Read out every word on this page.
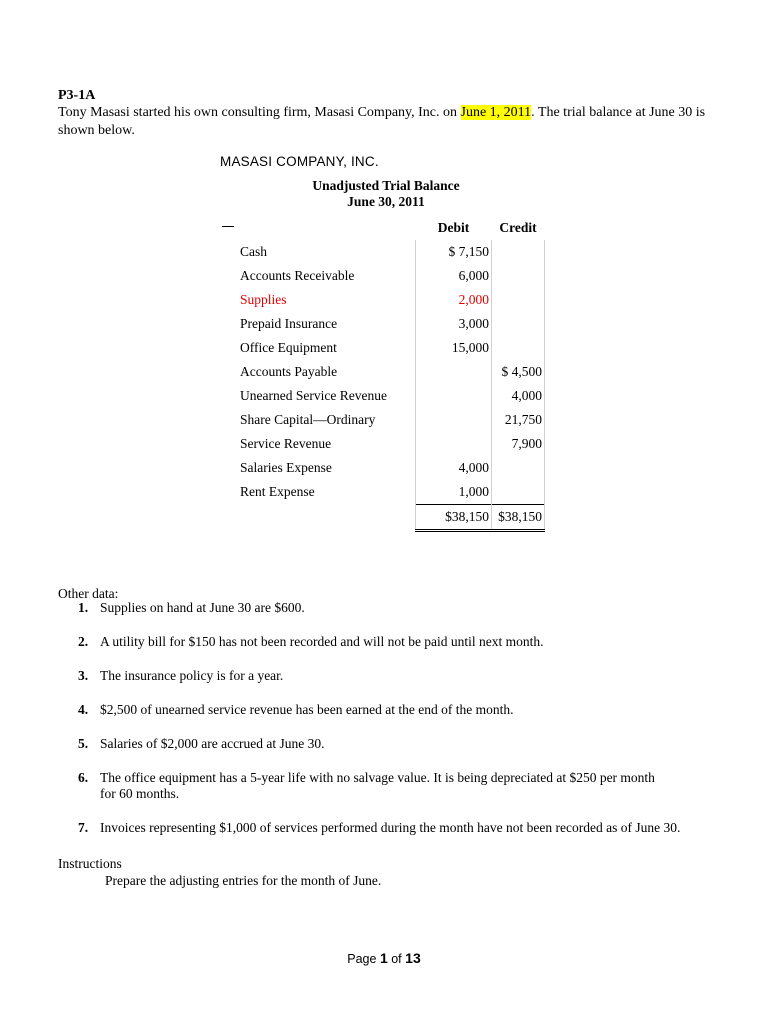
P3-1A
Tony Masasi started his own consulting firm, Masasi Company, Inc. on June 1, 2011. The trial balance at June 30 is shown below.
MASASI COMPANY, INC.
Unadjusted Trial Balance
June 30, 2011
	Debit	Credit
Cash	$ 7,150	
Accounts Receivable	6,000	
Supplies	2,000	
Prepaid Insurance	3,000	
Office Equipment	15,000	
Accounts Payable		$ 4,500
Unearned Service Revenue		4,000
Share Capital—Ordinary		21,750
Service Revenue		7,900
Salaries Expense	4,000	
Rent Expense	1,000	
	$38,150	$38,150
Other data:
1. Supplies on hand at June 30 are $600.
2. A utility bill for $150 has not been recorded and will not be paid until next month.
3. The insurance policy is for a year.
4. $2,500 of unearned service revenue has been earned at the end of the month.
5. Salaries of $2,000 are accrued at June 30.
6. The office equipment has a 5-year life with no salvage value. It is being depreciated at $250 per month for 60 months.
7. Invoices representing $1,000 of services performed during the month have not been recorded as of June 30.
Instructions
Prepare the adjusting entries for the month of June.
Page 1 of 13
